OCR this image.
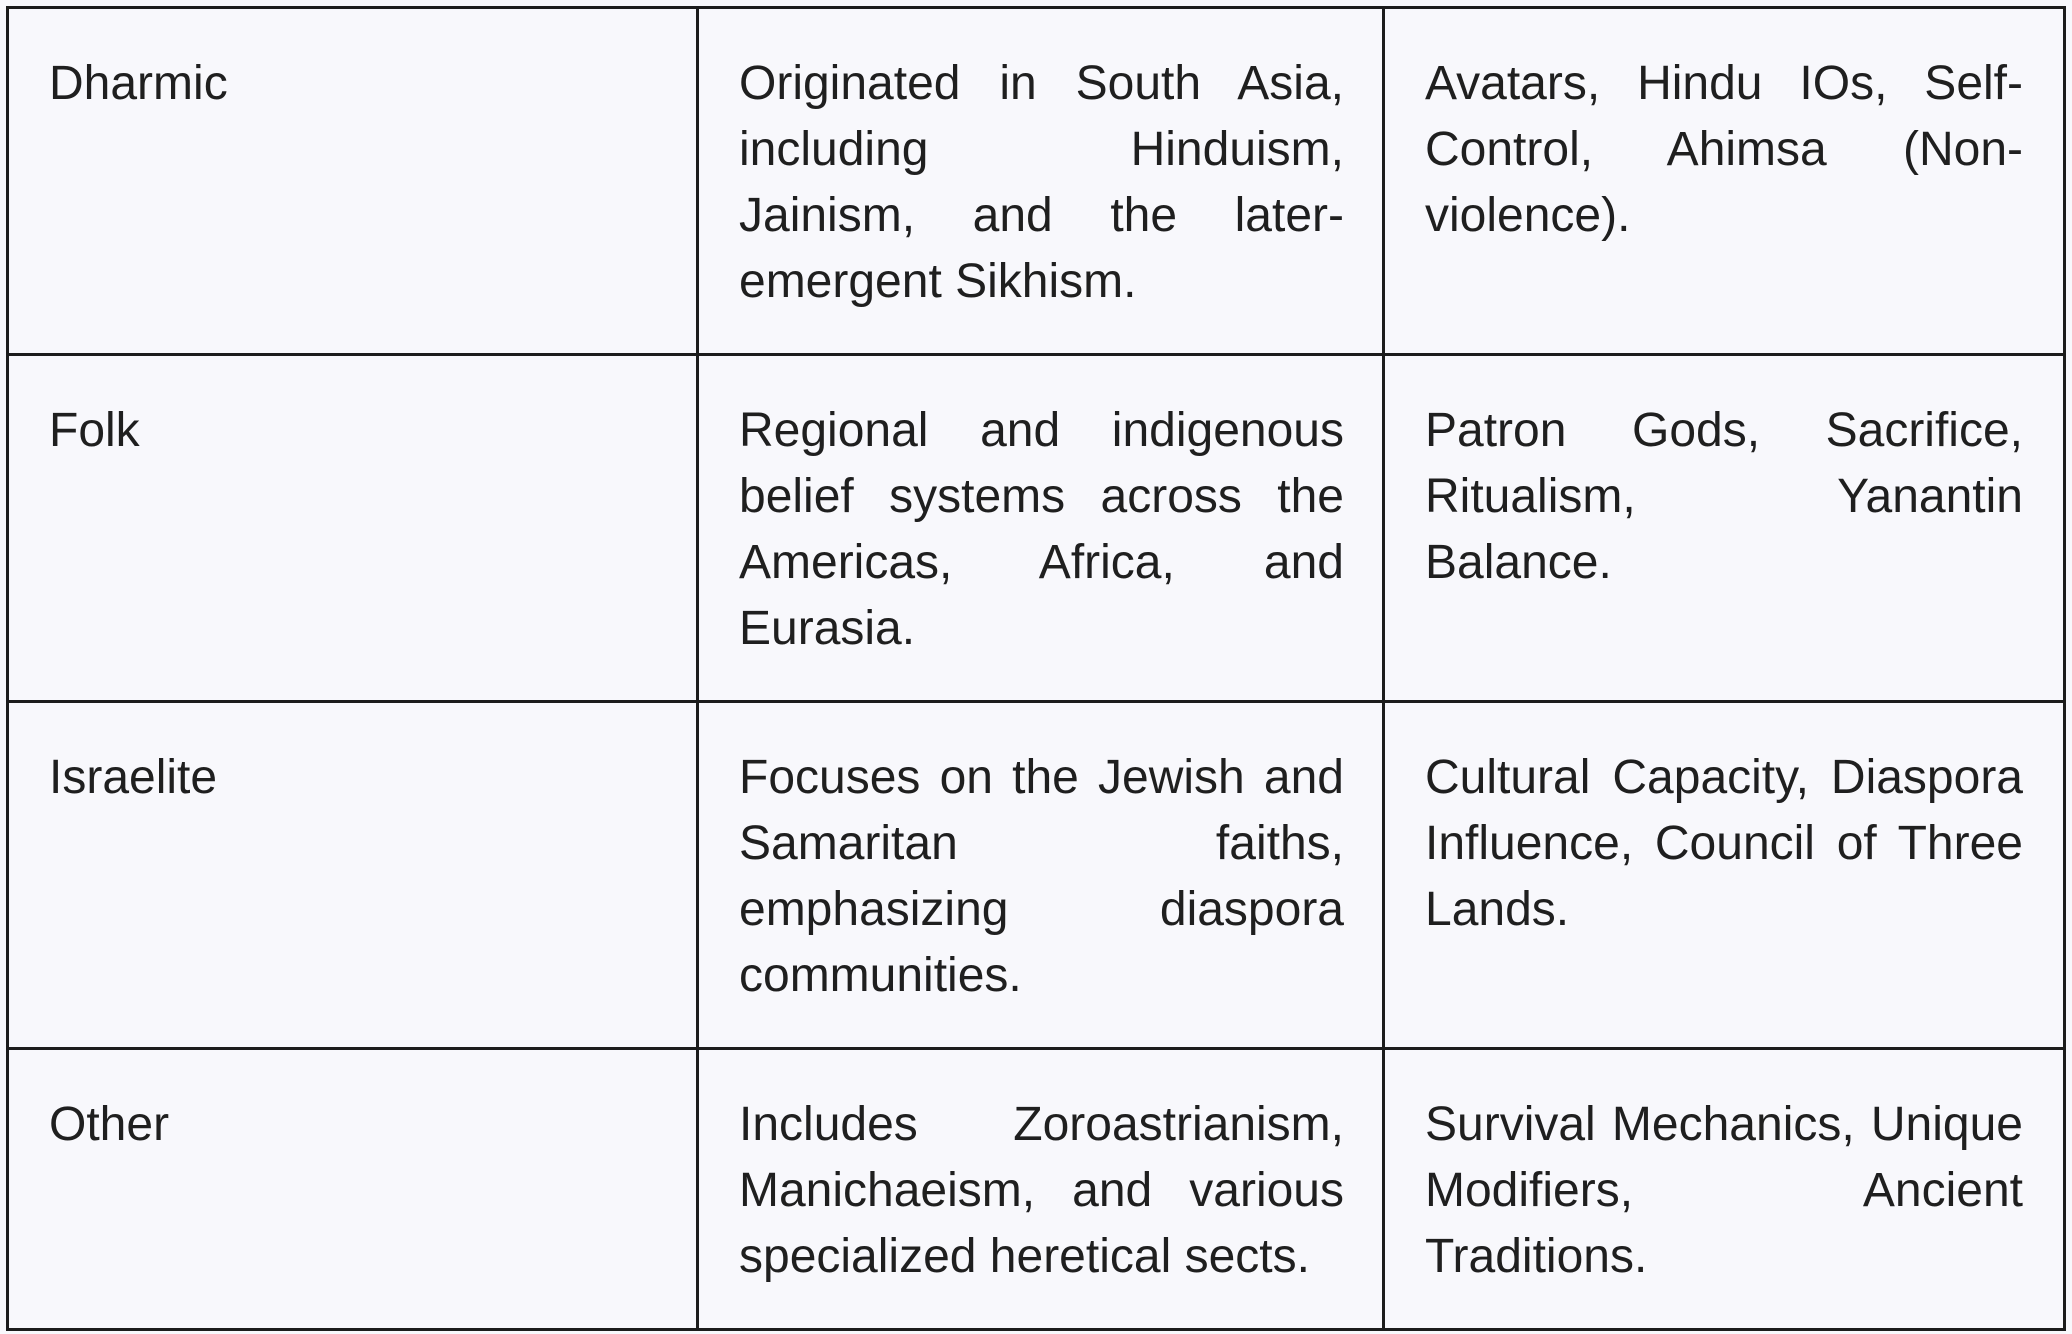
Dharmic	Originated in South Asia, including Hinduism, Jainism, and the later-emergent Sikhism.	Avatars, Hindu IOs, Self-Control, Ahimsa (Non-violence).
Folk	Regional and indigenous belief systems across the Americas, Africa, and Eurasia.	Patron Gods, Sacrifice, Ritualism, Yanantin Balance.
Israelite	Focuses on the Jewish and Samaritan faiths, emphasizing diaspora communities.	Cultural Capacity, Diaspora Influence, Council of Three Lands.
Other	Includes Zoroastrianism, Manichaeism, and various specialized heretical sects.	Survival Mechanics, Unique Modifiers, Ancient Traditions.
